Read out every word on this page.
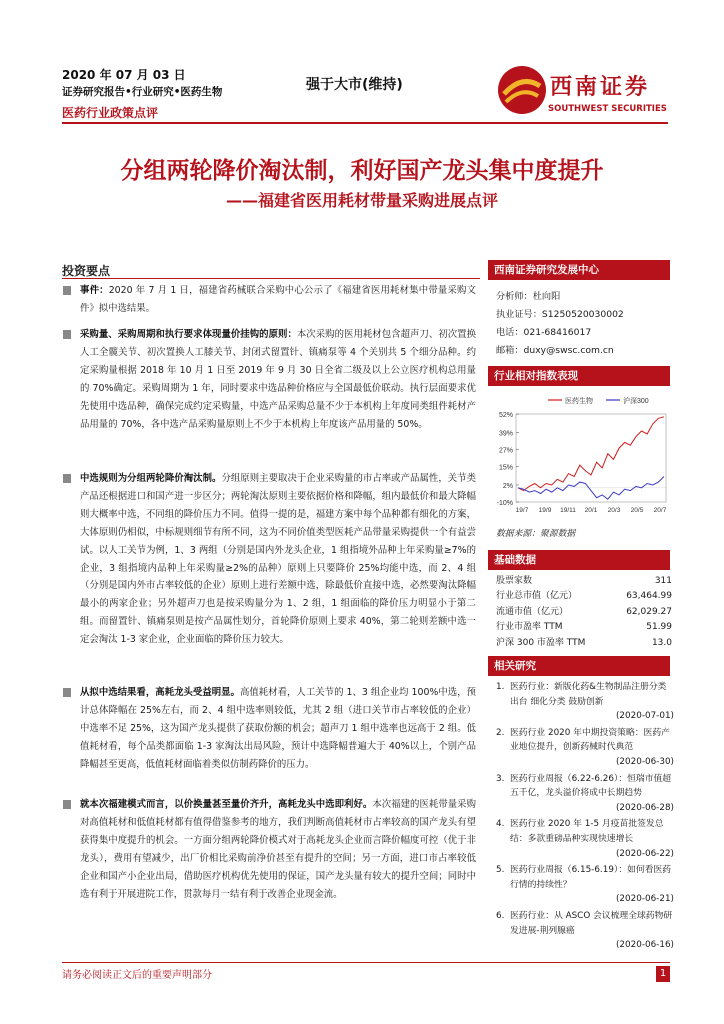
2020 年 07 月 03 日
证券研究报告•行业研究•医药生物
医药行业政策点评
强于大市(维持)	西南证券
SOUTHWEST SECURITIES
分组两轮降价淘汰制，利好国产龙头集中度提升
——福建省医用耗材带量采购进展点评
投资要点
事件：2020 年 7 月 1 日，福建省药械联合采购中心公示了《福建省医用耗材集中带量采购文件》拟中选结果。
采购量、采购周期和执行要求体现量价挂钩的原则：本次采购的医用耗材包含超声刀、初次置换人工全髋关节、初次置换人工膝关节、封闭式留置针、镇痛泵等 4 个关别共 5 个细分品种。约定采购量根据 2018 年 10 月 1 日至 2019 年 9 月 30 日全省二级及以上公立医疗机构总用量的 70%确定。采购周期为 1 年，同时要求中选品种价格应与全国最低价联动。执行层面要求优先使用中选品种，确保完成约定采购量，中选产品采购总量不少于本机构上年度同类组件耗材产品用量的 70%，各中选产品采购量原则上不少于本机构上年度该产品用量的 50%。
中选规则为分组两轮降价淘汰制。分组原则主要取决于企业采购量的市占率或产品属性，关节类产品还根据进口和国产进一步区分；两轮淘汰原则主要依据价格和降幅，组内最低价和最大降幅则大概率中选，不同组的降价压力不同。值得一提的是，福建方案中每个品种都有细化的方案，大体原则仍相似，中标规则细节有所不同，这为不同价值类型医耗产品带量采购提供一个有益尝试。以人工关节为例，1、3 两组（分别是国内外龙头企业，1 组指境外品种上年采购量≥7%的企业，3 组指境内品种上年采购量≥2%的品种）原则上只要降价 25%均能中选，而 2、4 组（分别是国内外市占率较低的企业）原则上进行差额中选，除最低价直接中选，必然要淘汰降幅最小的两家企业；另外超声刀也是按采购量分为 1、2 组，1 组面临的降价压力明显小于第二组。而留置针、镇痛泵则是按产品属性划分，首轮降价原则上要求 40%，第二轮则差额中选一定会淘汰 1-3 家企业，企业面临的降价压力较大。
从拟中选结果看，高耗龙头受益明显。高值耗材看，人工关节的 1、3 组企业均 100%中选，预计总体降幅在 25%左右，而 2、4 组中选率则较低，尤其 2 组（进口关节市占率较低的企业）中选率不足 25%，这为国产龙头提供了获取份额的机会；超声刀 1 组中选率也远高于 2 组。低值耗材看，每个品类都面临 1-3 家淘汰出局风险，预计中选降幅普遍大于 40%以上，个别产品降幅甚至更高，低值耗材面临着类似仿制药降价的压力。
就本次福建模式而言，以价换量甚至量价齐升，高耗龙头中选即利好。本次福建的医耗带量采购对高值耗材和低值耗材都有值得借鉴参考的地方，我们判断高值耗材市占率较高的国产龙头有望获得集中度提升的机会。一方面分组两轮降价模式对于高耗龙头企业而言降价幅度可控（优于非龙头），费用有望减少，出厂价相比采购前净价甚至有提升的空间；另一方面，进口市占率较低企业和国产小企业出局，借助医疗机构优先使用的保证，国产龙头量有较大的提升空间；同时中选有利于开展进院工作，贯款每月一结有利于改善企业现金流。
西南证券研究发展中心
分析师：杜向阳
执业证号：S1250520030002
电话：021-68416017
邮箱：duxy@swsc.com.cn
行业相对指数表现
52%
39%
27%
15%
2%
-10%
19/7 19/9 19/11 20/1 20/3 20/5 20/7
医药生物	沪深300
数据来源：聚源数据
基础数据
股票家数	311
行业总市值（亿元）	63,464.99
流通市值（亿元）	62,029.27
行业市盈率 TTM	51.99
沪深 300 市盈率 TTM	13.0
相关研究
1. 医药行业：新版化药&生物制品注册分类出台 细化分类 鼓励创新
(2020-07-01)
2. 医药行业 2020 年中期投资策略：医药产业地位提升，创新药械时代典范
(2020-06-30)
3. 医药行业周报（6.22-6.26）：恒瑞市值超五千亿，龙头溢价将成中长期趋势
(2020-06-28)
4. 医药行业 2020 年 1-5 月疫苗批签发总结：多款重磅品种实现快速增长
(2020-06-22)
5. 医药行业周报（6.15-6.19）：如何看医药行情的持续性？
(2020-06-21)
6. 医药行业：从 ASCO 会议梳理全球药物研发进展-荆列腺癌
(2020-06-16)
请务必阅读正文后的重要声明部分	1
